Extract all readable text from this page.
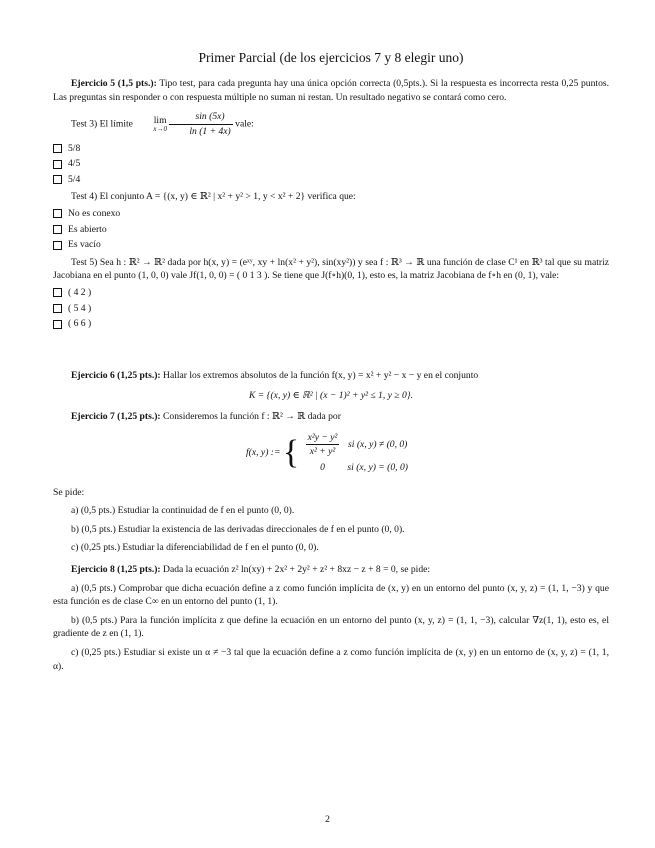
Primer Parcial (de los ejercicios 7 y 8 elegir uno)

Ejercicio 5 (1,5 pts.): Tipo test, para cada pregunta hay una única opción correcta (0,5pts.). Si la respuesta es incorrecta resta 0,25 puntos. Las preguntas sin responder o con respuesta múltiple no suman ni restan. Un resultado negativo se contará como cero.

Test 3) El límite lim
x→0
$\frac{\sin (5x)}{\ln (1 + 4x)}$ vale:

5/8
4/5
5/4

Test 4) El conjunto A = {(x, y) ∈ ℝ² | x² + y² > 1, y < x² + 2} verifica que:

No es conexo
Es abierto
Es vacío

Test 5) Sea h : ℝ² → ℝ² dada por h(x, y) = (eˣʸ, xy + ln(x² + y²), sin(xy²)) y sea f : ℝ³ → ℝ una función de clase C¹ en ℝ³ tal que su matriz Jacobiana en el punto (1, 0, 0) vale Jf(1, 0, 0) = ( 0 1 3 ). Se tiene que J(f∘h)(0, 1), esto es, la matriz Jacobiana de f∘h en (0, 1), vale:

( 4 2 )
( 5 4 )
( 6 6 )

Ejercicio 6 (1,25 pts.): Hallar los extremos absolutos de la función f(x, y) = x² + y² − x − y en el conjunto

K = {(x, y) ∈ ℝ² | (x − 1)² + y² ≤ 1, y ≥ 0}.

Ejercicio 7 (1,25 pts.): Consideremos la función f : ℝ² → ℝ dada por

f(x, y) := { $\frac{\text{x²y − y²}}{\text{x² + y²}}$	si (x, y) ≠ (0, 0)
0	si (x, y) = (0, 0)

Se pide:

a) (0,5 pts.) Estudiar la continuidad de f en el punto (0, 0).

b) (0,5 pts.) Estudiar la existencia de las derivadas direccionales de f en el punto (0, 0).

c) (0,25 pts.) Estudiar la diferenciabilidad de f en el punto (0, 0).

Ejercicio 8 (1,25 pts.): Dada la ecuación z² ln(xy) + 2x² + 2y² + z² + 8xz − z + 8 = 0, se pide:

a) (0,5 pts.) Comprobar que dicha ecuación define a z como función implícita de (x, y) en un entorno del punto (x, y, z) = (1, 1, −3) y que esta función es de clase C∞ en un entorno del punto (1, 1).

b) (0,5 pts.) Para la función implícita z que define la ecuación en un entorno del punto (x, y, z) = (1, 1, −3), calcular ∇z(1, 1), esto es, el gradiente de z en (1, 1).

c) (0,25 pts.) Estudiar si existe un α ≠ −3 tal que la ecuación define a z como función implícita de (x, y) en un entorno de (x, y, z) = (1, 1, α).

2
